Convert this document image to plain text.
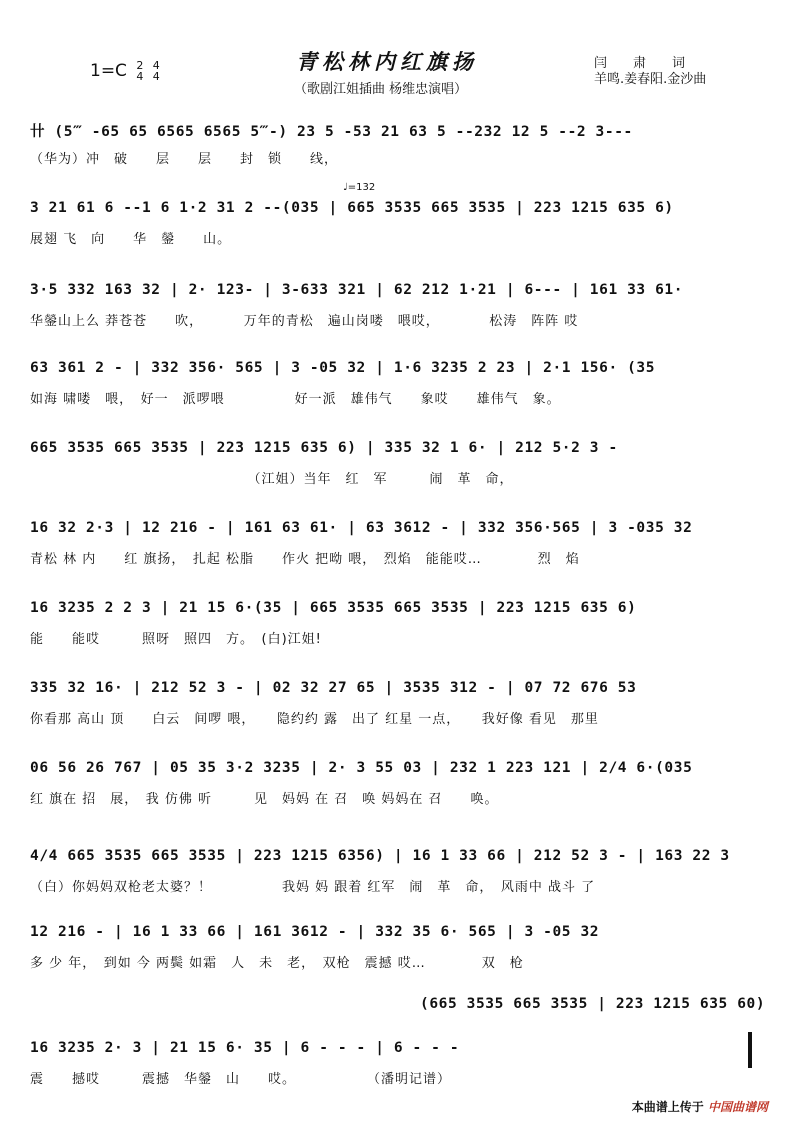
1=C 2
4 4
4
青松林内红旗扬
（歌剧江姐插曲 杨维忠演唱）
闫　　肃　　词
羊鸣.姜春阳.金沙曲
卄 (5‴ -65 65 6565 6565 5‴-) 23 5 -53 21 63 5 --232 12 5 --2 3---
（华为）冲　破　　层　　层　　封　锁　　线，
♩=132
3 21 61 6 --1 6 1·2 31 2 --(035 | 665 3535 665 3535 | 223 1215 635 6)
展翅 飞　向　　华　鎣　　山。
3·5 332 163 32 | 2· 123- | 3-633 321 | 62 212 1·21 | 6--- | 161 33 61·
华鎣山上么 莽苍苍　　吹，　　　 万年的青松　遍山岗喽　喂哎，　　　　松涛　阵阵 哎
63 361 2 - | 332 356· 565 | 3 -05 32 | 1·6 3235 2 23 | 2·1 156· (35
如海 啸喽　喂，　好一　派啰喂　　　　　好一派　雄伟气　　象哎　　雄伟气　象。
665 3535 665 3535 | 223 1215 635 6) | 335 32 1 6· | 212 5·2 3 -
　　　　　　　　　　　　　　　　（江姐）当年　红　军　　　闹　革　命，
16 32 2·3 | 12 216 - | 161 63 61· | 63 3612 - | 332 356·565 | 3 -035 32
青松 林 内　　红 旗扬，　扎起 松脂　　作火 把呦 喂，　烈焰　能能哎…　　　　烈　焰
16 3235 2 2 3 | 21 15 6·(35 | 665 3535 665 3535 | 223 1215 635 6)
能　　能哎　　　照呀　照四　方。　(白)江姐!
335 32 16· | 212 52 3 - | 02 32 27 65 | 3535 312 - | 07 72 676 53
你看那 高山 顶　　白云　间啰 喂，　　隐约约 露　出了 红星 一点，　　我好像 看见　那里
06 56 26 767 | 05 35 3·2 3235 | 2· 3 55 03 | 232 1 223 121 | 2/4 6·(035
红 旗在 招　展，　我 仿佛 听　　　见　妈妈 在 召　唤 妈妈在 召　　唤。
4/4 665 3535 665 3535 | 223 1215 6356) | 16 1 33 66 | 212 52 3 - | 163 22 3
（白）你妈妈双枪老太婆？！　　　　　我妈 妈 跟着 红军　闹　革　命，　风雨中 战斗 了
12 216 - | 16 1 33 66 | 161 3612 - | 332 35 6· 565 | 3 -05 32
多 少 年，　到如 今 两鬓 如霜　人　未　老，　双枪　震撼 哎…　　　　双　枪
(665 3535 665 3535 | 223 1215 635 60)
16 3235 2· 3 | 21 15 6· 35 | 6 - - - | 6 - - -
震　　撼哎　　　震撼　华鎣　山　　哎。　　　　　　（潘明记谱）
本曲谱上传于 中国曲谱网
